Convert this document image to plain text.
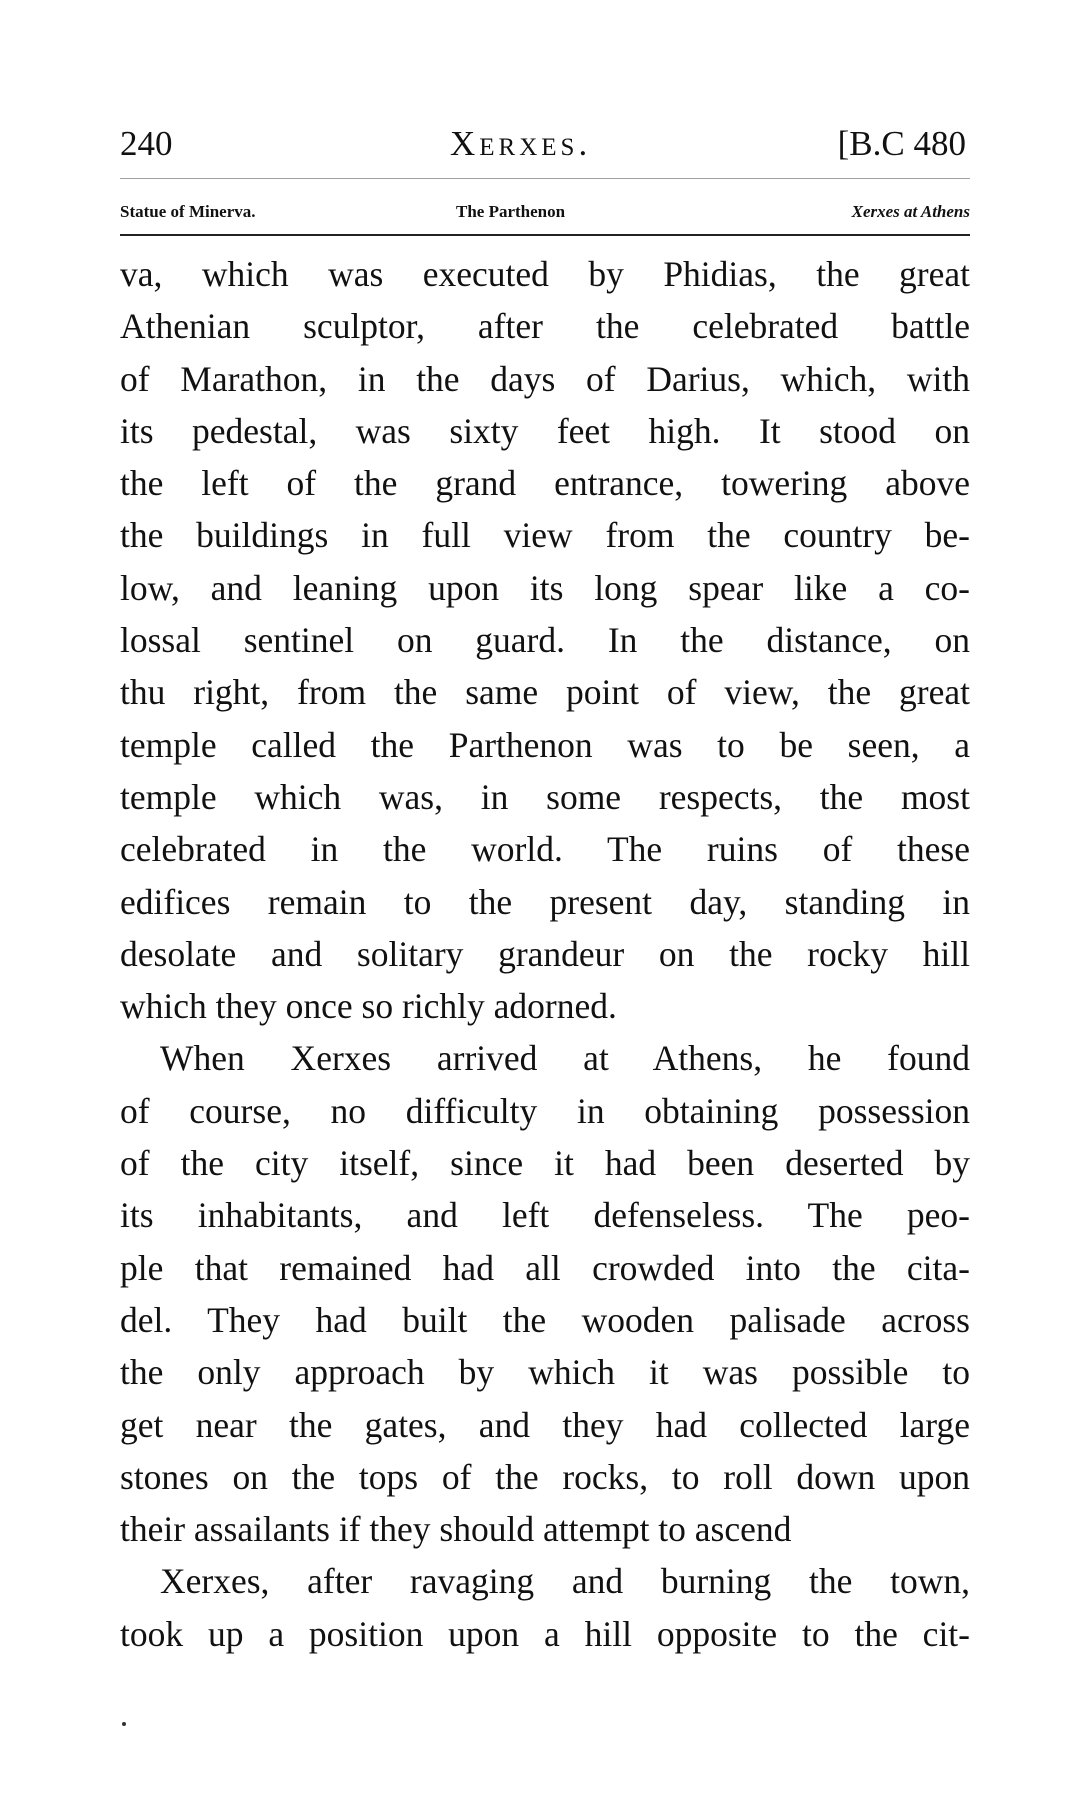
240	Xerxes.	[B.C 480
Statue of Minerva.	The Parthenon	Xerxes at Athens

va, which was executed by Phidias, the great
Athenian sculptor, after the celebrated battle
of Marathon, in the days of Darius, which, with
its pedestal, was sixty feet high. It stood on
the left of the grand entrance, towering above
the buildings in full view from the country be-
low, and leaning upon its long spear like a co-
lossal sentinel on guard. In the distance, on
thu right, from the same point of view, the great
temple called the Parthenon was to be seen, a
temple which was, in some respects, the most
celebrated in the world. The ruins of these
edifices remain to the present day, standing in
desolate and solitary grandeur on the rocky hill
which they once so richly adorned.

When Xerxes arrived at Athens, he found
of course, no difficulty in obtaining possession
of the city itself, since it had been deserted by
its inhabitants, and left defenseless. The peo-
ple that remained had all crowded into the cita-
del. They had built the wooden palisade across
the only approach by which it was possible to
get near the gates, and they had collected large
stones on the tops of the rocks, to roll down upon
their assailants if they should attempt to ascend

Xerxes, after ravaging and burning the town,
took up a position upon a hill opposite to the cit-
